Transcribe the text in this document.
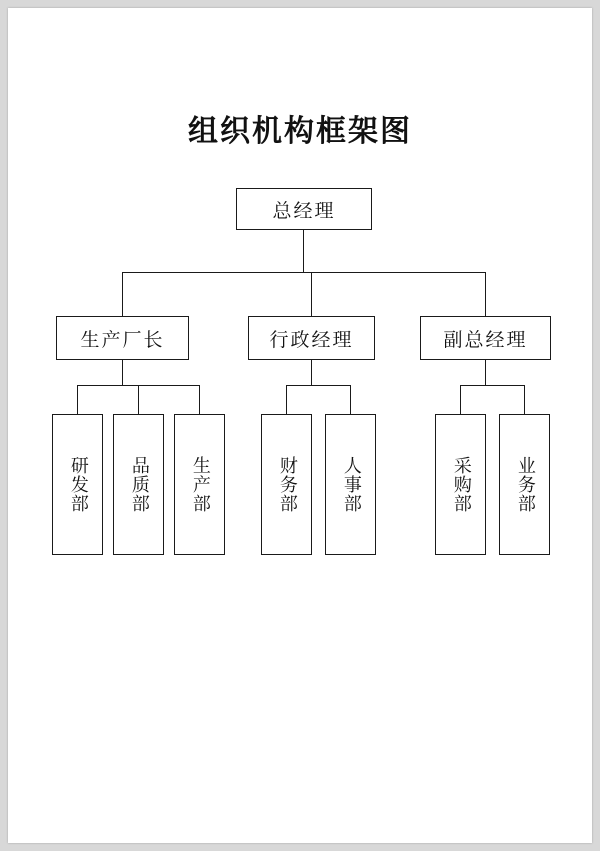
组织机构框架图
总经理
生产厂长	行政经理	副总经理
研发部 品质部 生产部	财务部 人事部	采购部 业务部
